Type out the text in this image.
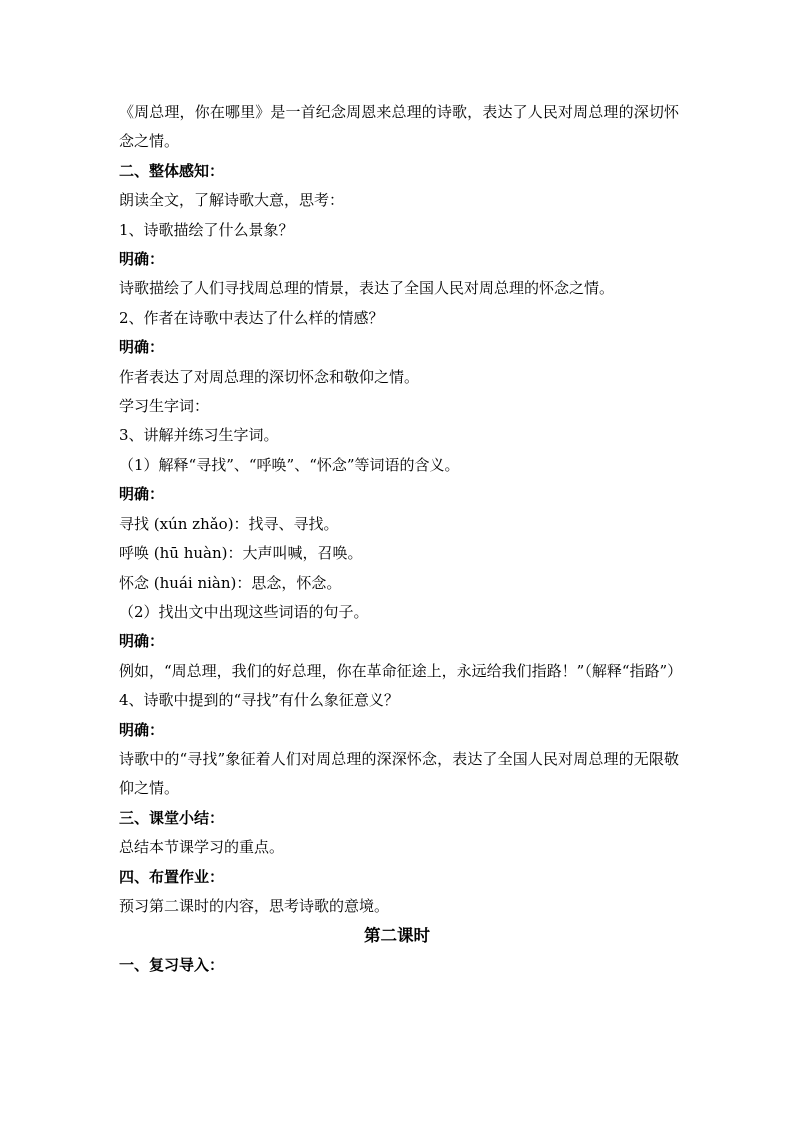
《周总理，你在哪里》是一首纪念周恩来总理的诗歌，表达了人民对周总理的深切怀念之情。

二、整体感知：

朗读全文，了解诗歌大意，思考：

1、诗歌描绘了什么景象？

明确：

诗歌描绘了人们寻找周总理的情景，表达了全国人民对周总理的怀念之情。

2、作者在诗歌中表达了什么样的情感？

明确：

作者表达了对周总理的深切怀念和敬仰之情。

学习生字词：

3、讲解并练习生字词。

（1）解释“寻找”、“呼唤”、“怀念”等词语的含义。

明确：

寻找 (xún zhǎo)：找寻、寻找。

呼唤 (hū huàn)：大声叫喊，召唤。

怀念 (huái niàn)：思念，怀念。

（2）找出文中出现这些词语的句子。

明确：

例如，“周总理，我们的好总理，你在革命征途上，永远给我们指路！”（解释“指路”）

4、诗歌中提到的“寻找”有什么象征意义？

明确：

诗歌中的“寻找”象征着人们对周总理的深深怀念，表达了全国人民对周总理的无限敬仰之情。

三、课堂小结：

总结本节课学习的重点。

四、布置作业：

预习第二课时的内容，思考诗歌的意境。

第二课时

一、复习导入：
